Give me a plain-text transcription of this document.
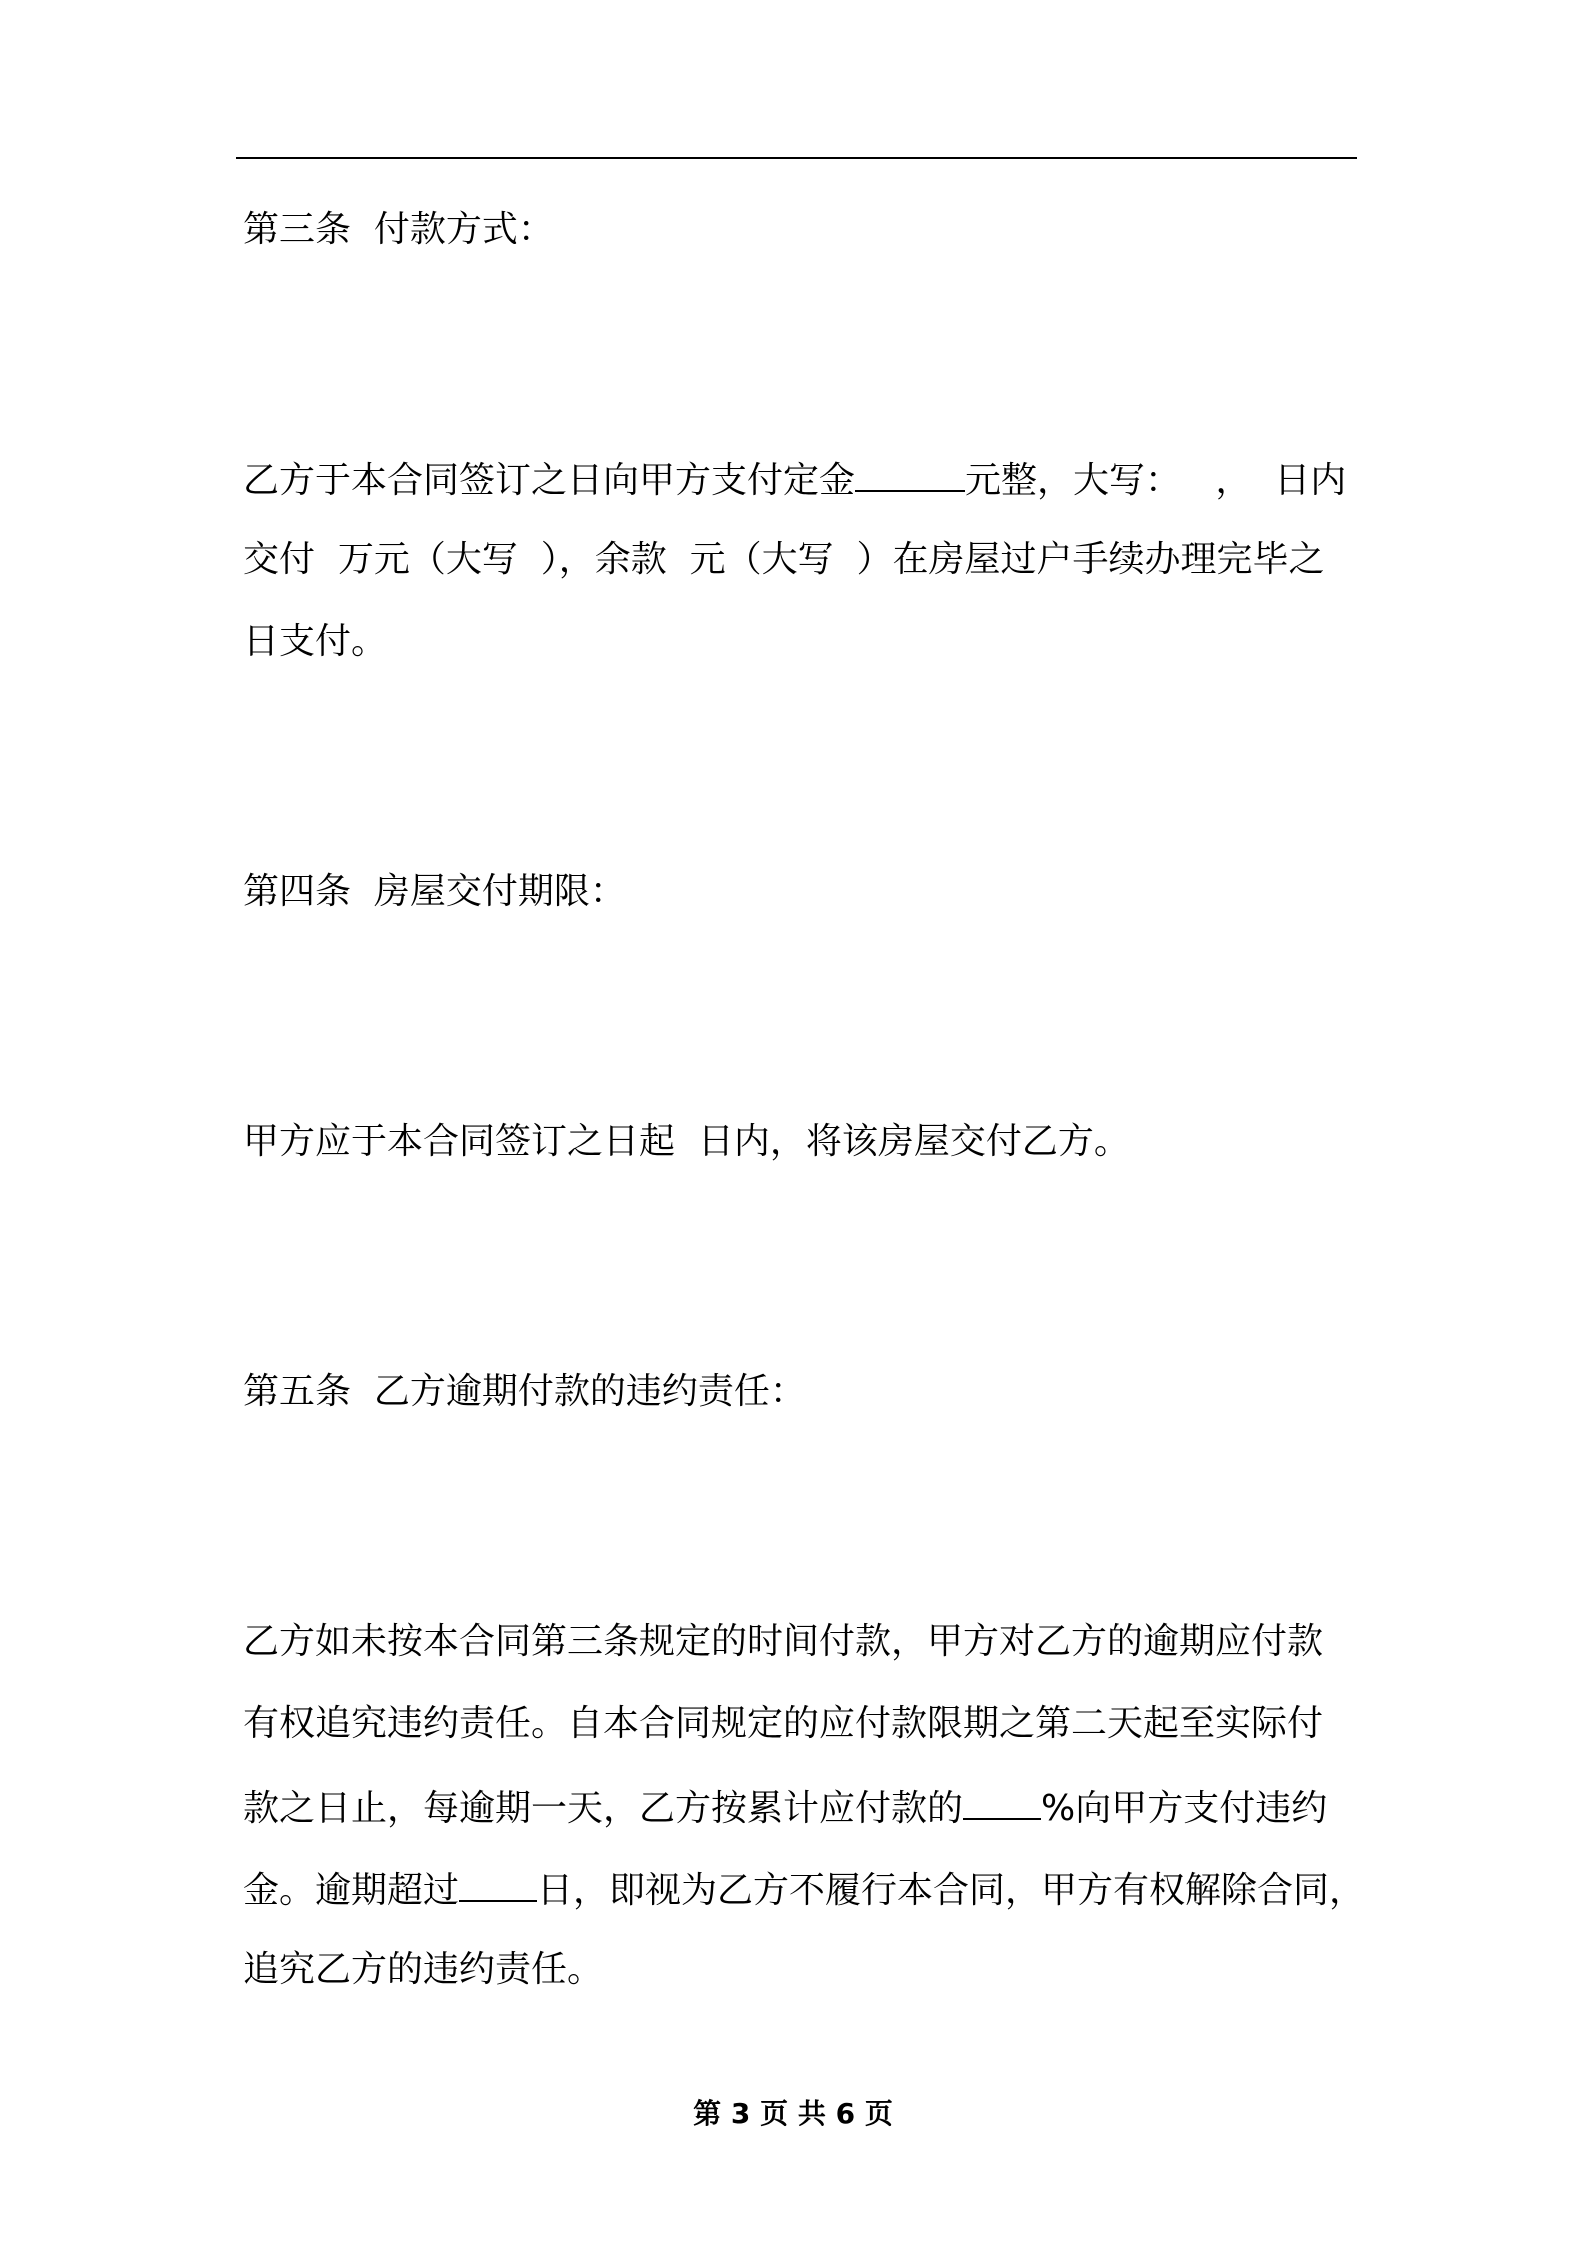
第三条  付款方式：

乙方于本合同签订之日向甲方支付定金	元整，大写：   ，  日内

交付  万元（大写  ），余款  元（大写  ）在房屋过户手续办理完毕之

日支付。

第四条  房屋交付期限：

甲方应于本合同签订之日起  日内，将该房屋交付乙方。

第五条  乙方逾期付款的违约责任：

乙方如未按本合同第三条规定的时间付款，甲方对乙方的逾期应付款

有权追究违约责任。自本合同规定的应付款限期之第二天起至实际付

款之日止，每逾期一天，乙方按累计应付款的 %向甲方支付违约

金。逾期超过 日，即视为乙方不履行本合同，甲方有权解除合同，

追究乙方的违约责任。

第 3 页 共 6 页
